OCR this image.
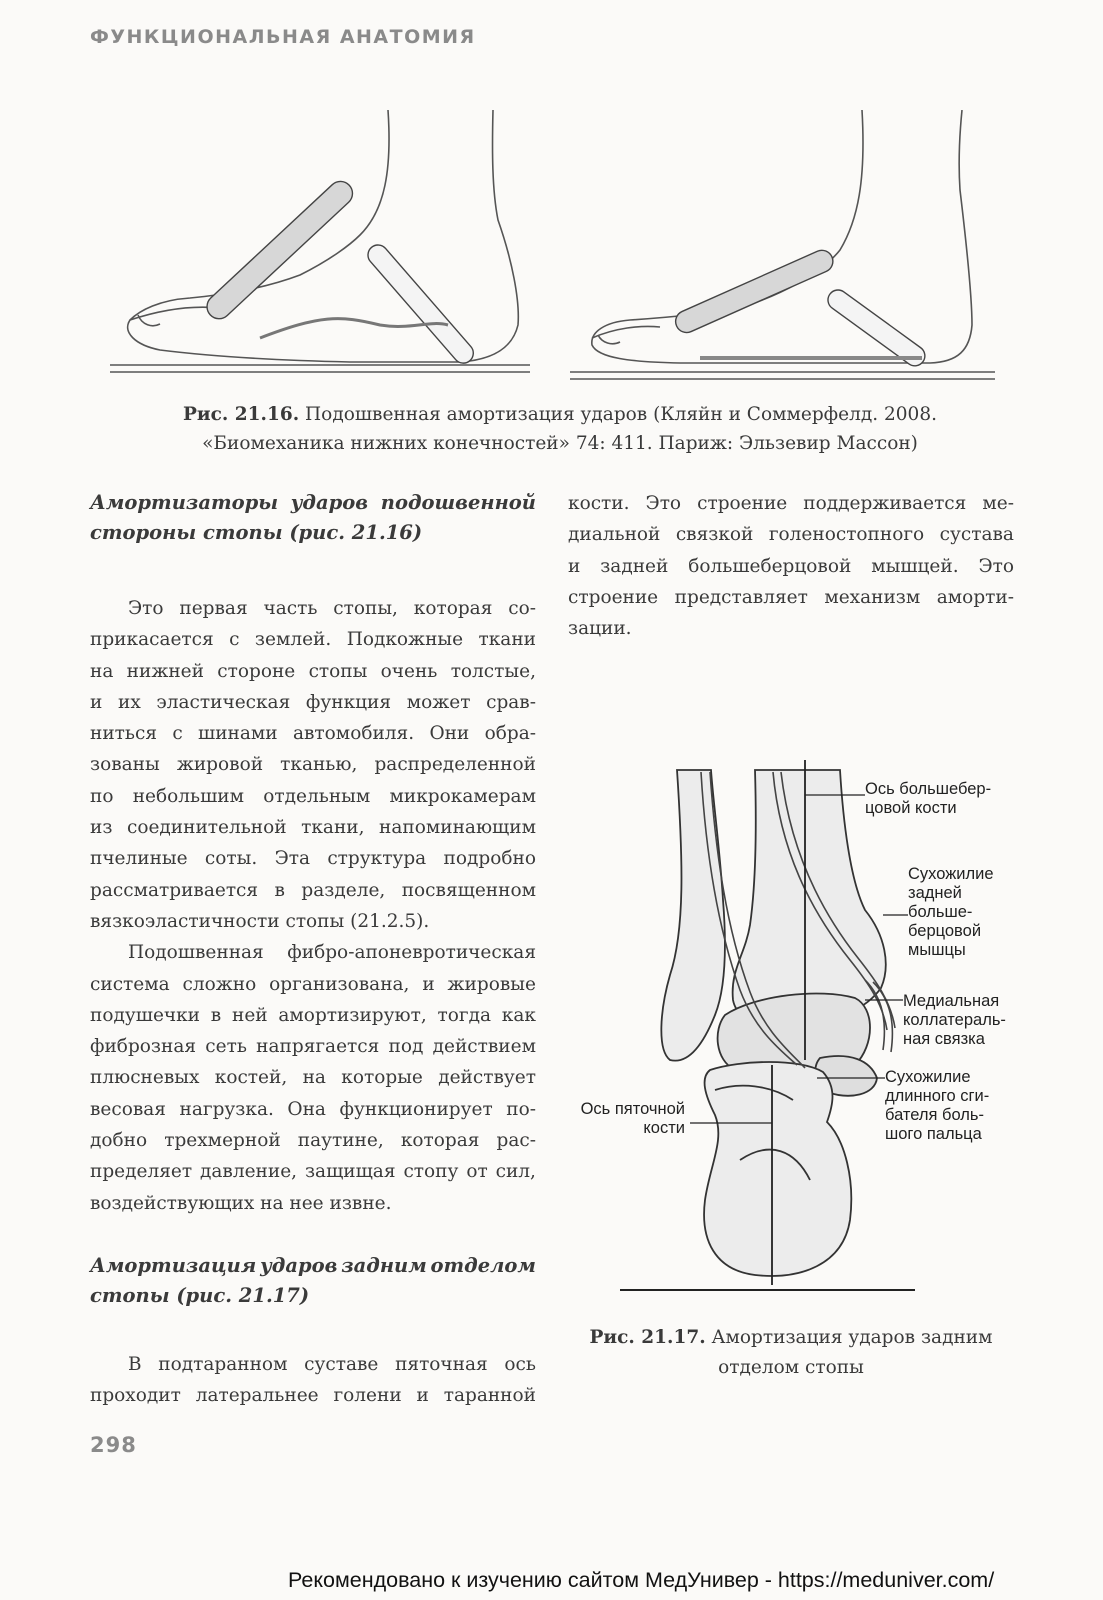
ФУНКЦИОНАЛЬНАЯ АНАТОМИЯ
Рис. 21.16. Подошвенная амортизация ударов (Кляйн и Соммерфелд. 2008.
«Биомеханика нижних конечностей» 74: 411. Париж: Эльзевир Массон)
Амортизаторы ударов подошвенной
стороны стопы (рис. 21.16)
Это первая часть стопы, которая со-
прикасается с землей. Подкожные ткани
на нижней стороне стопы очень толстые,
и их эластическая функция может срав-
ниться с шинами автомобиля. Они обра-
зованы жировой тканью, распределенной
по небольшим отдельным микрокамерам
из соединительной ткани, напоминающим
пчелиные соты. Эта структура подробно
рассматривается в разделе, посвященном
вязкоэластичности стопы (21.2.5).
Подошвенная фибро-апоневротическая
система сложно организована, и жировые
подушечки в ней амортизируют, тогда как
фиброзная сеть напрягается под действием
плюсневых костей, на которые действует
весовая нагрузка. Она функционирует по-
добно трехмерной паутине, которая рас-
пределяет давление, защищая стопу от сил,
воздействующих на нее извне.
Амортизация ударов задним отделом
стопы (рис. 21.17)
В подтаранном суставе пяточная ось
проходит латеральнее голени и таранной
кости. Это строение поддерживается ме-
диальной связкой голеностопного сустава
и задней большеберцовой мышцей. Это
строение представляет механизм аморти-
зации.
Ось большебер-
цовой кости
Сухожилие
задней
больше-
берцовой
мышцы
Медиальная
коллатераль-
ная связка
Сухожилие
длинного сги-
бателя боль-
шого пальца
Ось пяточной
кости
Рис. 21.17. Амортизация ударов задним
отделом стопы
298
Рекомендовано к изучению сайтом МедУнивер - https://meduniver.com/
